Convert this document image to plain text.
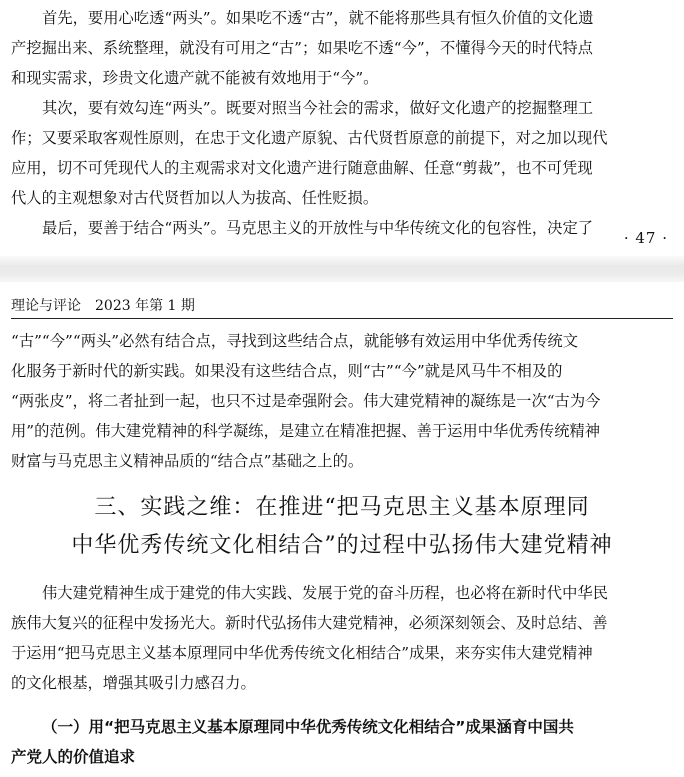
首先，要用心吃透“两头”。如果吃不透“古”，就不能将那些具有恒久价值的文化遗
产挖掘出来、系统整理，就没有可用之“古”；如果吃不透“今”，不懂得今天的时代特点
和现实需求，珍贵文化遗产就不能被有效地用于“今”。
其次，要有效勾连“两头”。既要对照当今社会的需求，做好文化遗产的挖掘整理工
作；又要采取客观性原则，在忠于文化遗产原貌、古代贤哲原意的前提下，对之加以现代
应用，切不可凭现代人的主观需求对文化遗产进行随意曲解、任意“剪裁”，也不可凭现
代人的主观想象对古代贤哲加以人为拔高、任性贬损。
最后，要善于结合“两头”。马克思主义的开放性与中华传统文化的包容性，决定了
· 47 ·
理论与评论 2023 年第 1 期
“古”“今”“两头”必然有结合点，寻找到这些结合点，就能够有效运用中华优秀传统文
化服务于新时代的新实践。如果没有这些结合点，则“古”“今”就是风马牛不相及的
“两张皮”，将二者扯到一起，也只不过是牵强附会。伟大建党精神的凝练是一次“古为今
用”的范例。伟大建党精神的科学凝练，是建立在精准把握、善于运用中华优秀传统精神
财富与马克思主义精神品质的“结合点”基础之上的。
三、实践之维：在推进“把马克思主义基本原理同
中华优秀传统文化相结合”的过程中弘扬伟大建党精神
伟大建党精神生成于建党的伟大实践、发展于党的奋斗历程，也必将在新时代中华民
族伟大复兴的征程中发扬光大。新时代弘扬伟大建党精神，必须深刻领会、及时总结、善
于运用“把马克思主义基本原理同中华优秀传统文化相结合”成果，来夯实伟大建党精神
的文化根基，增强其吸引力感召力。
（一）用“把马克思主义基本原理同中华优秀传统文化相结合”成果涵育中国共
产党人的价值追求
